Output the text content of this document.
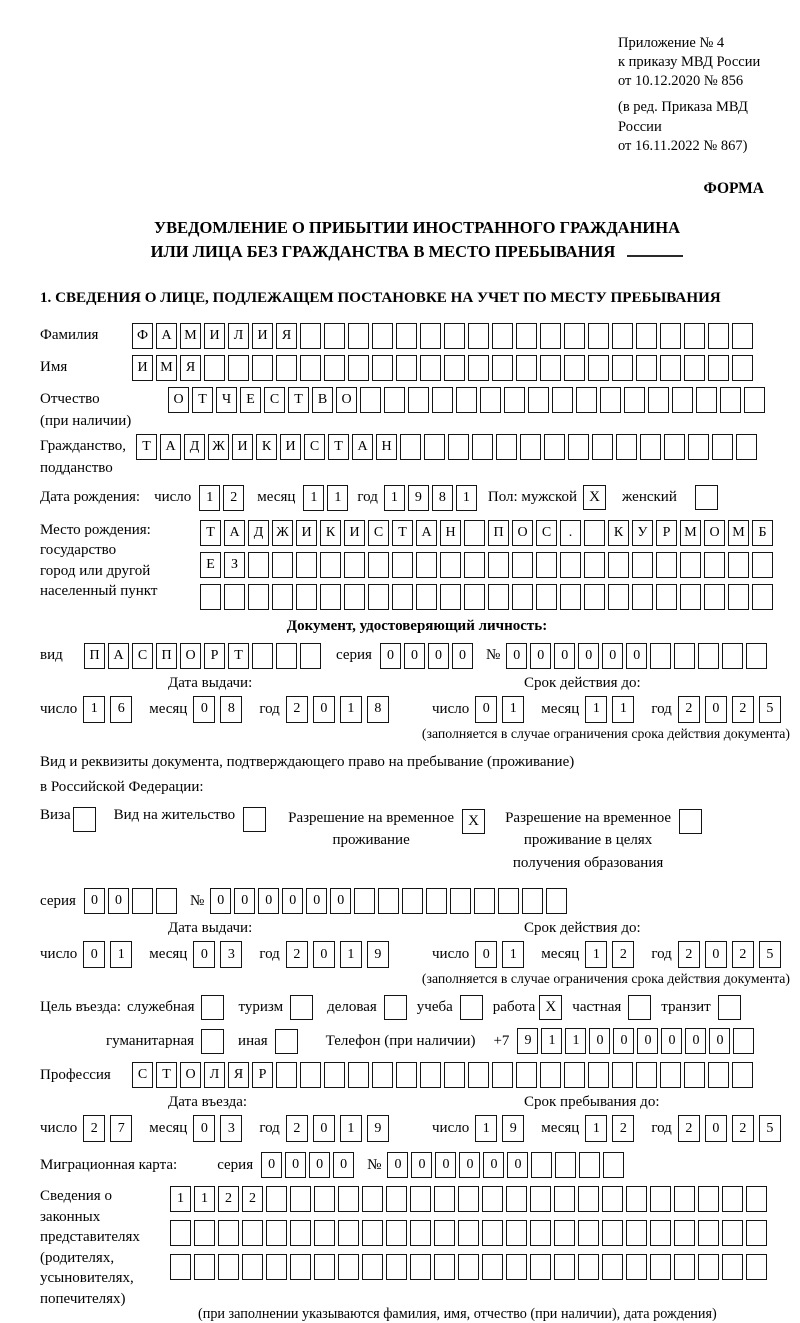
Приложение № 4
к приказу МВД России
от 10.12.2020 № 856
(в ред. Приказа МВД России
от 16.11.2022 № 867)
ФОРМА
УВЕДОМЛЕНИЕ О ПРИБЫТИИ ИНОСТРАННОГО ГРАЖДАНИНА
ИЛИ ЛИЦА БЕЗ ГРАЖДАНСТВА В МЕСТО ПРЕБЫВАНИЯ
1. СВЕДЕНИЯ О ЛИЦЕ, ПОДЛЕЖАЩЕМ ПОСТАНОВКЕ НА УЧЕТ ПО МЕСТУ ПРЕБЫВАНИЯ
Фамилия	Ф А М И	Л	И	Я
Имя	И М Я
Отчество	О	Т	Ч	Е	С	Т	В	О
(при наличии)
Гражданство,	Т	А	Д Ж И	К	И	С	Т	А Н
подданство
Дата рождения: число	1	2	месяц	1	1	год 1	9	8	1	Пол: мужской X	женский
Место рождения:
государство
город или другой
населенный пункт
Т	А	Д Ж И	К	И	С	Т	А Н	П О	С	.	К	У	Р М О М Б
Е	З
Документ, удостоверяющий личность:
вид	П А	С	П О	Р	Т	серия	0	0	0	0	№ 0	0	0	0	0	0
Дата выдачи:
число 1	6	месяц 0	8	год 2	0	1	8
Срок действия до:
число 0	1	месяц 1	1	год 2	0	2	5
(заполняется в случае ограничения срока действия документа)
Вид и реквизиты документа, подтверждающего право на пребывание (проживание)
в Российской Федерации:
Виза	Вид на жительство	Разрешение на временное
проживание
X	Разрешение на временное
проживание в целях
получения образования
серия	0	0	№ 0	0	0	0	0	0
Дата выдачи:
число 0	1	месяц 0	3	год 2	0	1	9
Срок действия до:
число 0	1	месяц 1	2	год 2	0	2	5
(заполняется в случае ограничения срока действия документа)
Цель въезда: служебная	туризм	деловая	учеба	работа X	частная	транзит
гуманитарная	иная	Телефон (при наличии) +7	9	1	1	0	0	0	0	0	0
Профессия	С	Т	О	Л	Я	Р
Дата въезда:
число 2	7	месяц 0	3	год 2	0	1	9
Срок пребывания до:
число 1	9	месяц 1	2	год 2	0	2	5
Миграционная карта:	серия	0	0	0	0	№ 0	0	0	0	0	0
Сведения о
законных
представителях
(родителях,
усыновителях,
попечителях)
1	1	2	2
(при заполнении указываются фамилия, имя, отчество (при наличии), дата рождения)
